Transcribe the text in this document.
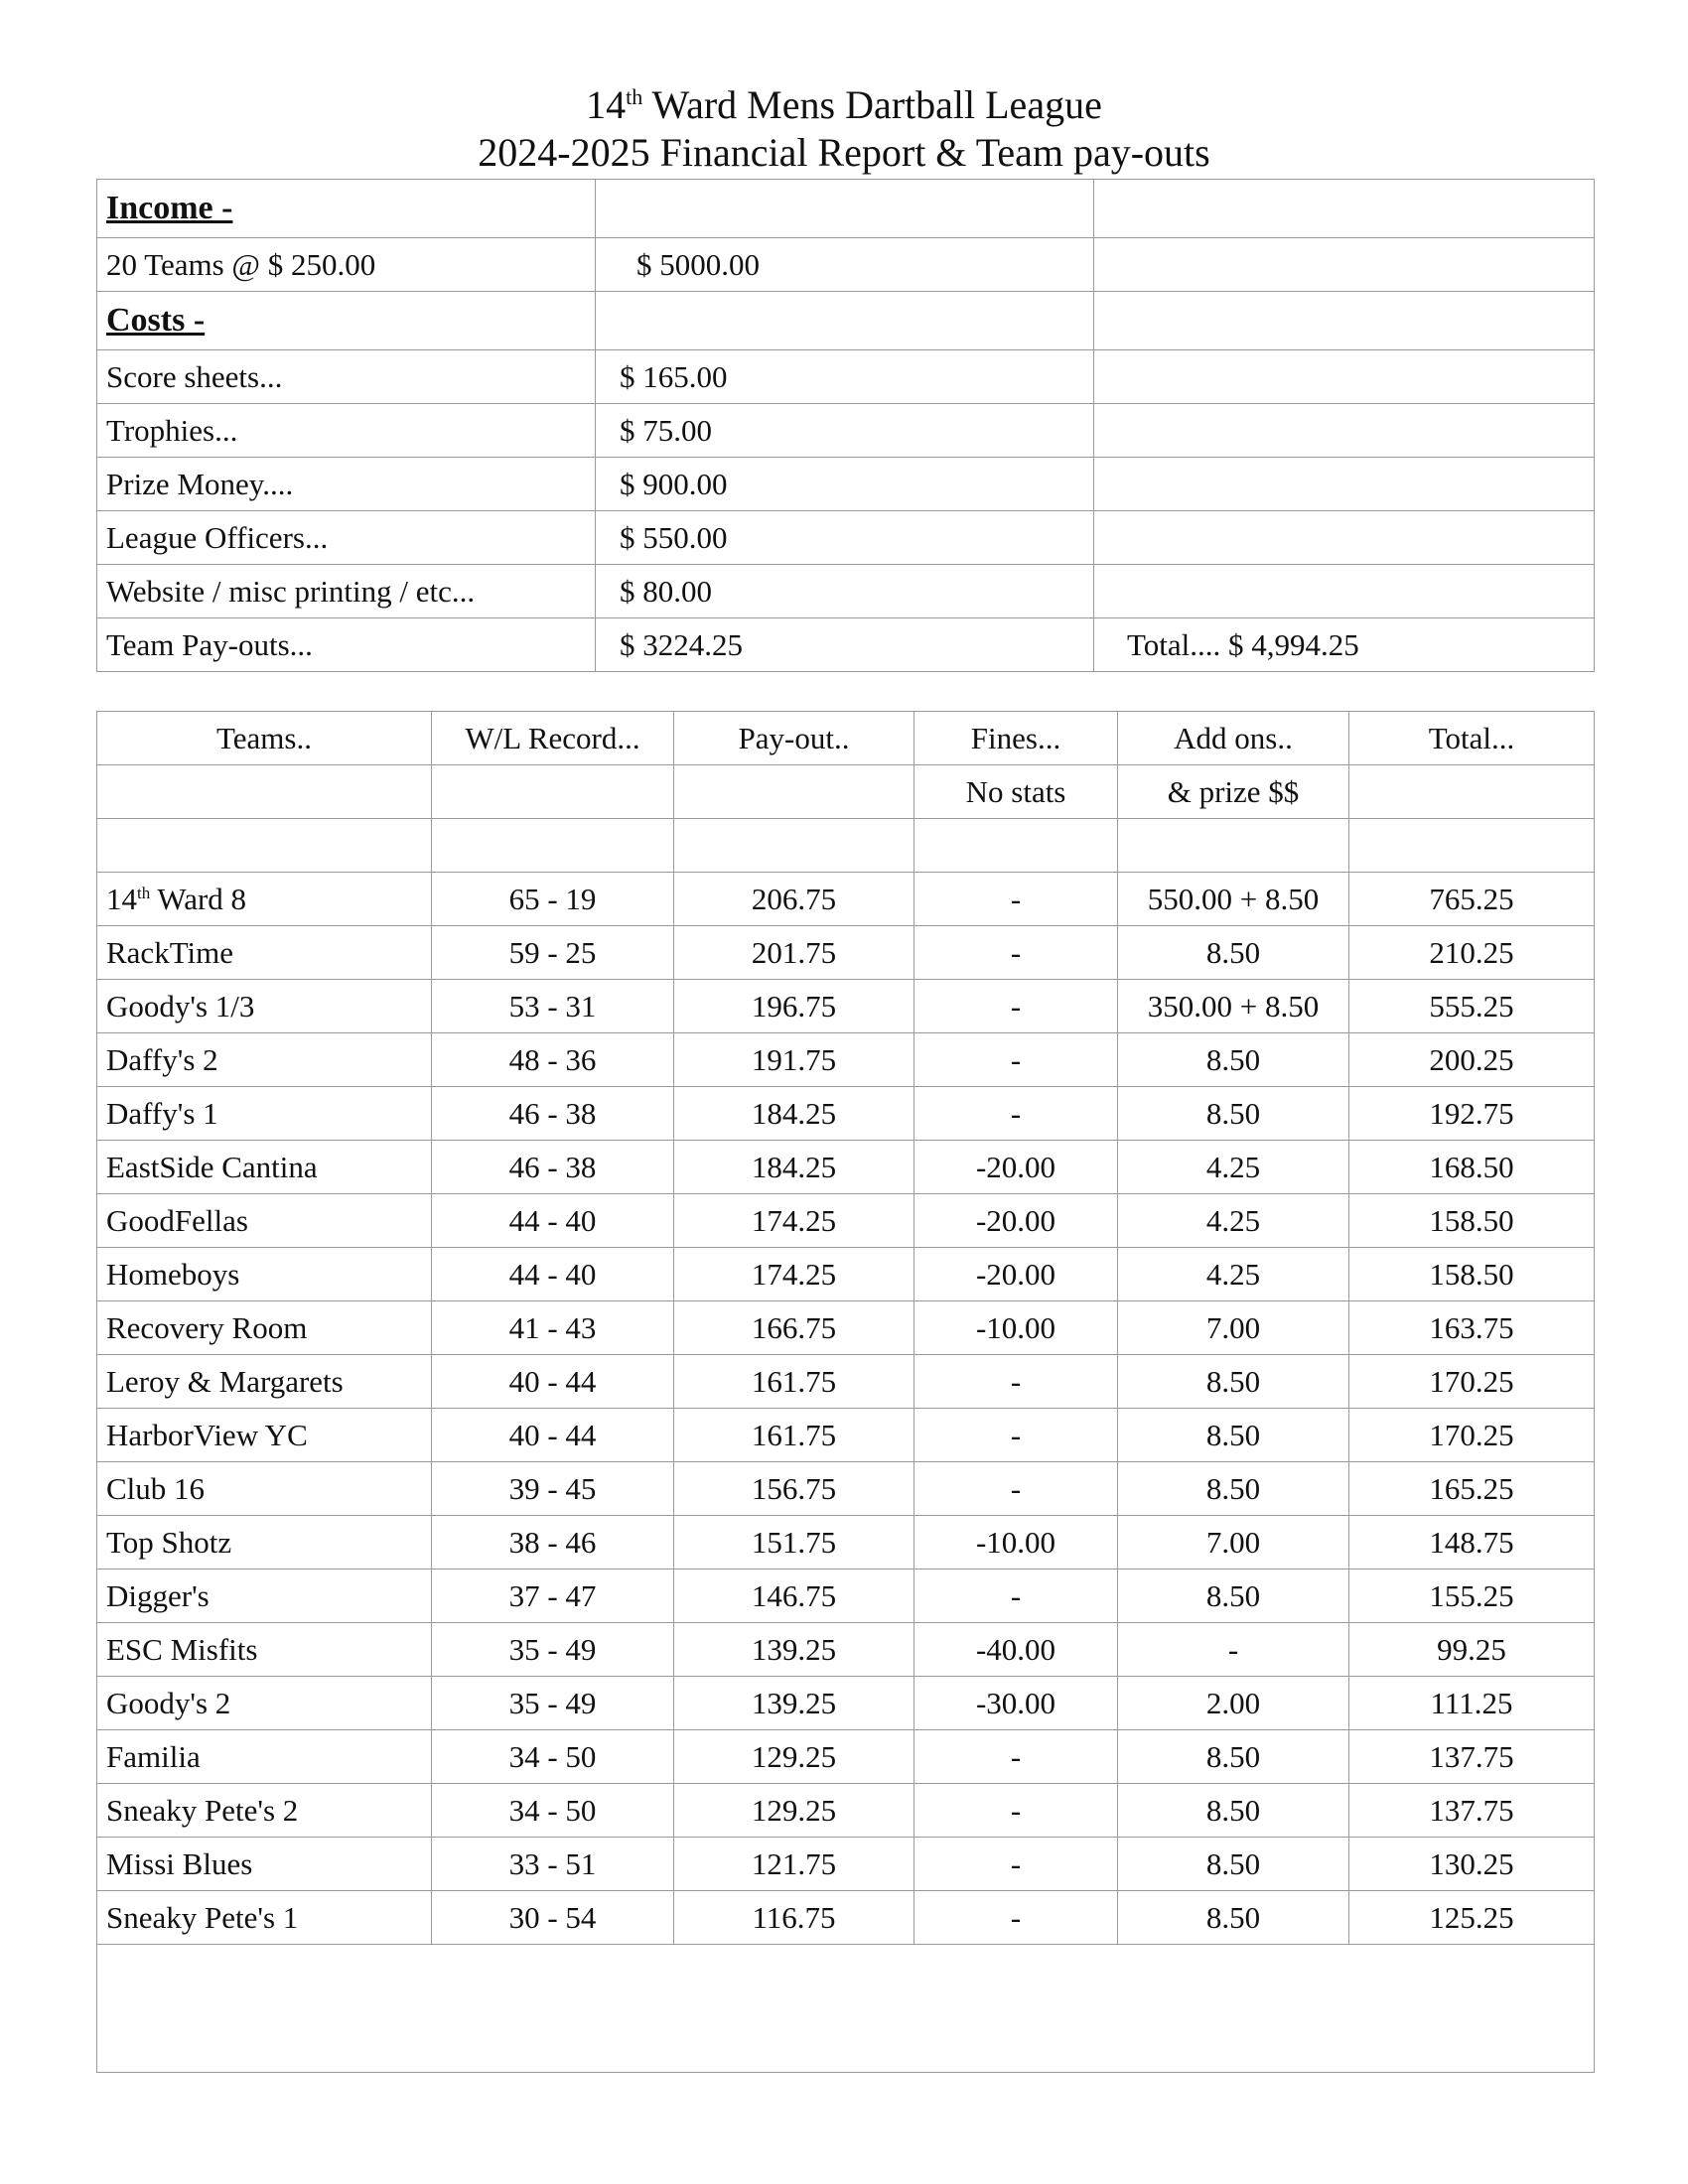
14th Ward Mens Dartball League
2024-2025 Financial Report & Team pay-outs
Income -		
20 Teams @ $ 250.00	$ 5000.00	
Costs -		
Score sheets...	$ 165.00	
Trophies...	$ 75.00	
Prize Money....	$ 900.00	
League Officers...	$ 550.00	
Website / misc printing / etc...	$ 80.00	
Team Pay-outs...	$ 3224.25	Total.... $ 4,994.25
Teams..	W/L Record...	Pay-out..	Fines...	Add ons..	Total...
			No stats	& prize $$	

14th Ward 8	65 - 19	206.75	-	550.00 + 8.50	765.25
RackTime	59 - 25	201.75	-	8.50	210.25
Goody's 1/3	53 - 31	196.75	-	350.00 + 8.50	555.25
Daffy's 2	48 - 36	191.75	-	8.50	200.25
Daffy's 1	46 - 38	184.25	-	8.50	192.75
EastSide Cantina	46 - 38	184.25	-20.00	4.25	168.50
GoodFellas	44 - 40	174.25	-20.00	4.25	158.50
Homeboys	44 - 40	174.25	-20.00	4.25	158.50
Recovery Room	41 - 43	166.75	-10.00	7.00	163.75
Leroy & Margarets	40 - 44	161.75	-	8.50	170.25
HarborView YC	40 - 44	161.75	-	8.50	170.25
Club 16	39 - 45	156.75	-	8.50	165.25
Top Shotz	38 - 46	151.75	-10.00	7.00	148.75
Digger's	37 - 47	146.75	-	8.50	155.25
ESC Misfits	35 - 49	139.25	-40.00	-	99.25
Goody's 2	35 - 49	139.25	-30.00	2.00	111.25
Familia	34 - 50	129.25	-	8.50	137.75
Sneaky Pete's 2	34 - 50	129.25	-	8.50	137.75
Missi Blues	33 - 51	121.75	-	8.50	130.25
Sneaky Pete's 1	30 - 54	116.75	-	8.50	125.25
